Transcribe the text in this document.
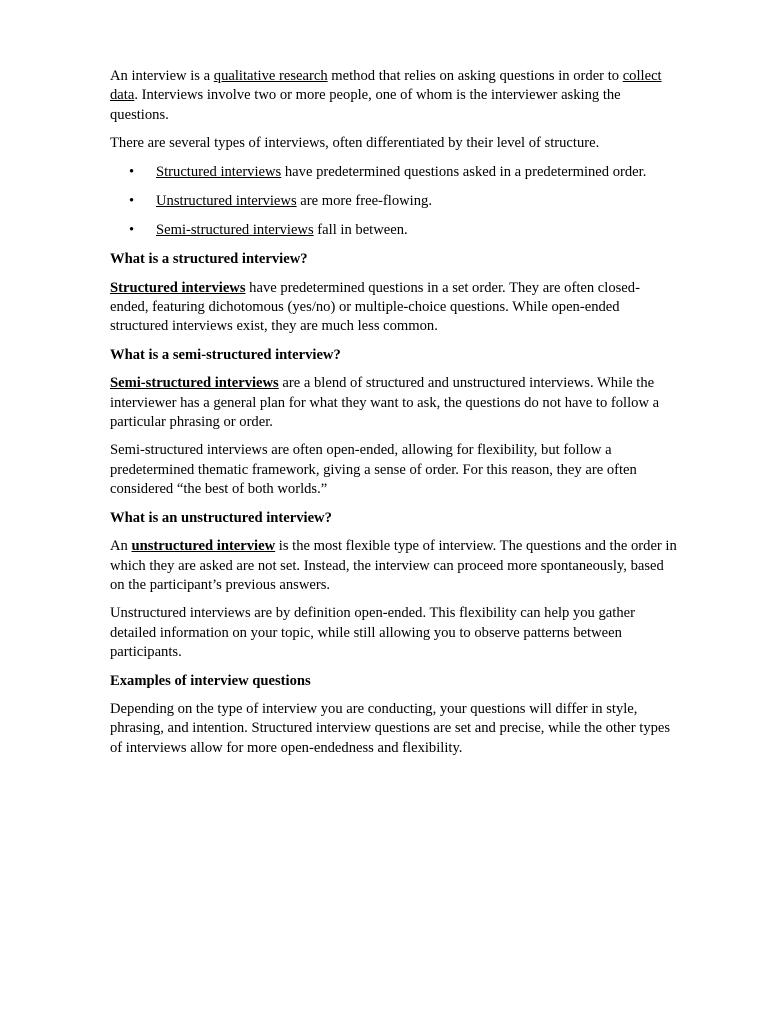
An interview is a qualitative research method that relies on asking questions in order to collect
data. Interviews involve two or more people, one of whom is the interviewer asking the
questions.

There are several types of interviews, often differentiated by their level of structure.

• Structured interviews have predetermined questions asked in a predetermined order.
• Unstructured interviews are more free-flowing.
• Semi-structured interviews fall in between.
What is a structured interview?

Structured interviews have predetermined questions in a set order. They are often closed-
ended, featuring dichotomous (yes/no) or multiple-choice questions. While open-ended
structured interviews exist, they are much less common.

What is a semi-structured interview?

Semi-structured interviews are a blend of structured and unstructured interviews. While the
interviewer has a general plan for what they want to ask, the questions do not have to follow a
particular phrasing or order.

Semi-structured interviews are often open-ended, allowing for flexibility, but follow a
predetermined thematic framework, giving a sense of order. For this reason, they are often
considered “the best of both worlds.”

What is an unstructured interview?

An unstructured interview is the most flexible type of interview. The questions and the order in
which they are asked are not set. Instead, the interview can proceed more spontaneously, based
on the participant’s previous answers.

Unstructured interviews are by definition open-ended. This flexibility can help you gather
detailed information on your topic, while still allowing you to observe patterns between
participants.

Examples of interview questions

Depending on the type of interview you are conducting, your questions will differ in style,
phrasing, and intention. Structured interview questions are set and precise, while the other types
of interviews allow for more open-endedness and flexibility.
